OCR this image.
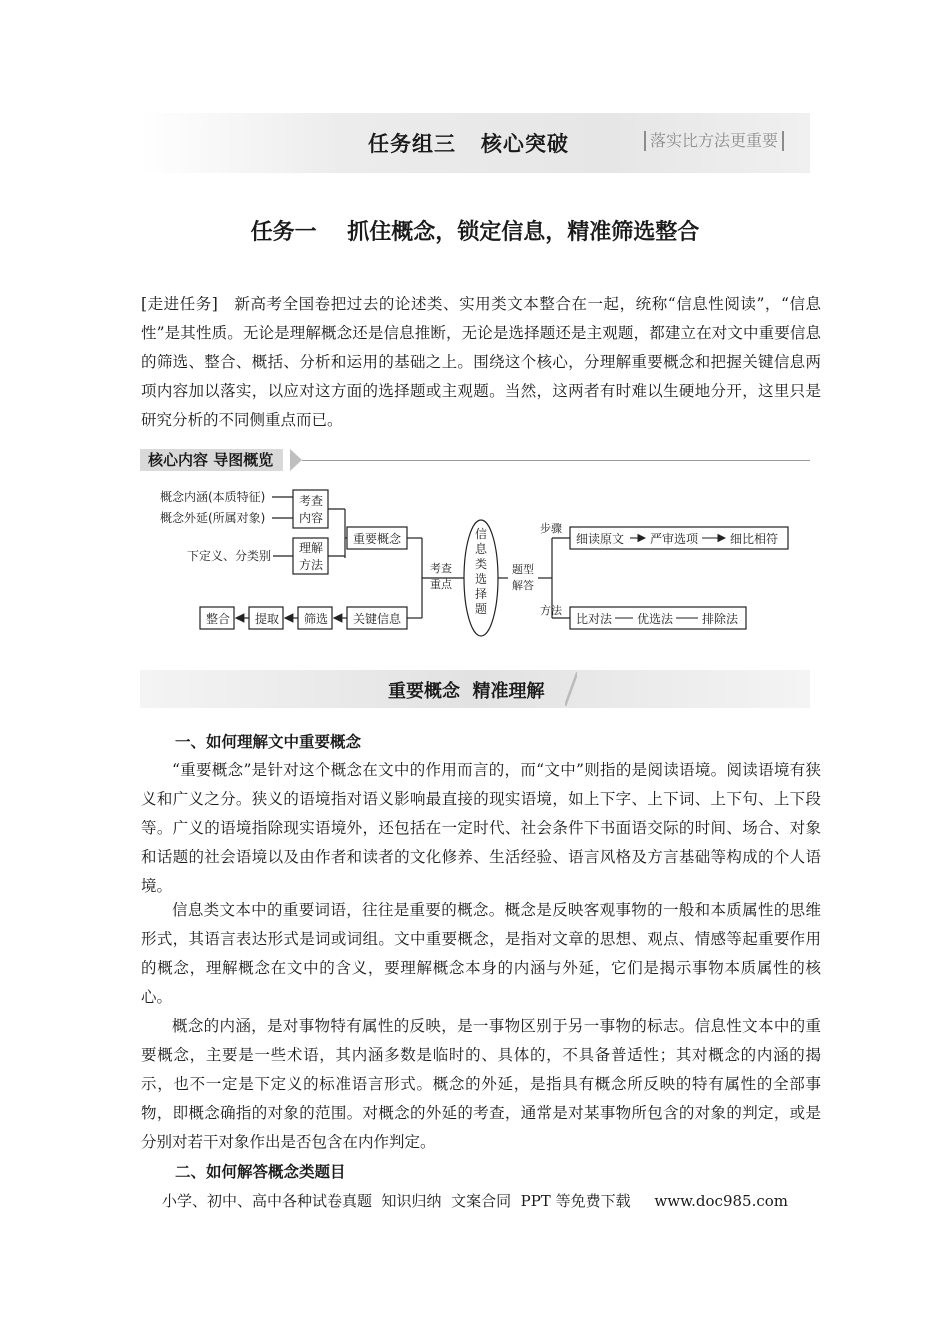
任务组三   核心突破	落实比方法更重要
任务一    抓住概念，锁定信息，精准筛选整合
[走进任务]　新高考全国卷把过去的论述类、实用类文本整合在一起，统称“信息性阅读”，“信息性”是其性质。无论是理解概念还是信息推断，无论是选择题还是主观题，都建立在对文中重要信息的筛选、整合、概括、分析和运用的基础之上。围绕这个核心，分理解重要概念和把握关键信息两项内容加以落实，以应对这方面的选择题或主观题。当然，这两者有时难以生硬地分开，这里只是研究分析的不同侧重点而已。
核心内容 导图概览
概念内涵(本质特征)
概念外延(所属对象)
考查
内容
下定义、分类别
理解
方法
重要概念
关键信息
筛选
提取
整合
考查
重点
信
息
类
选
择
题
题型
解答
步骤
方法
细读原文 严审选项	细比相符
比对法 优选法 排除法
重要概念  精准理解
一、如何理解文中重要概念
“重要概念”是针对这个概念在文中的作用而言的，而“文中”则指的是阅读语境。阅读语境有狭义和广义之分。狭义的语境指对语义影响最直接的现实语境，如上下字、上下词、上下句、上下段等。广义的语境指除现实语境外，还包括在一定时代、社会条件下书面语交际的时间、场合、对象和话题的社会语境以及由作者和读者的文化修养、生活经验、语言风格及方言基础等构成的个人语境。
信息类文本中的重要词语，往往是重要的概念。概念是反映客观事物的一般和本质属性的思维形式，其语言表达形式是词或词组。文中重要概念，是指对文章的思想、观点、情感等起重要作用的概念，理解概念在文中的含义，要理解概念本身的内涵与外延，它们是揭示事物本质属性的核心。
概念的内涵，是对事物特有属性的反映，是一事物区别于另一事物的标志。信息性文本中的重要概念，主要是一些术语，其内涵多数是临时的、具体的，不具备普适性；其对概念的内涵的揭示，也不一定是下定义的标准语言形式。概念的外延，是指具有概念所反映的特有属性的全部事物，即概念确指的对象的范围。对概念的外延的考查，通常是对某事物所包含的对象的判定，或是分别对若干对象作出是否包含在内作判定。
二、如何解答概念类题目
小学、初中、高中各种试卷真题  知识归纳  文案合同  PPT 等免费下载     www.doc985.com
